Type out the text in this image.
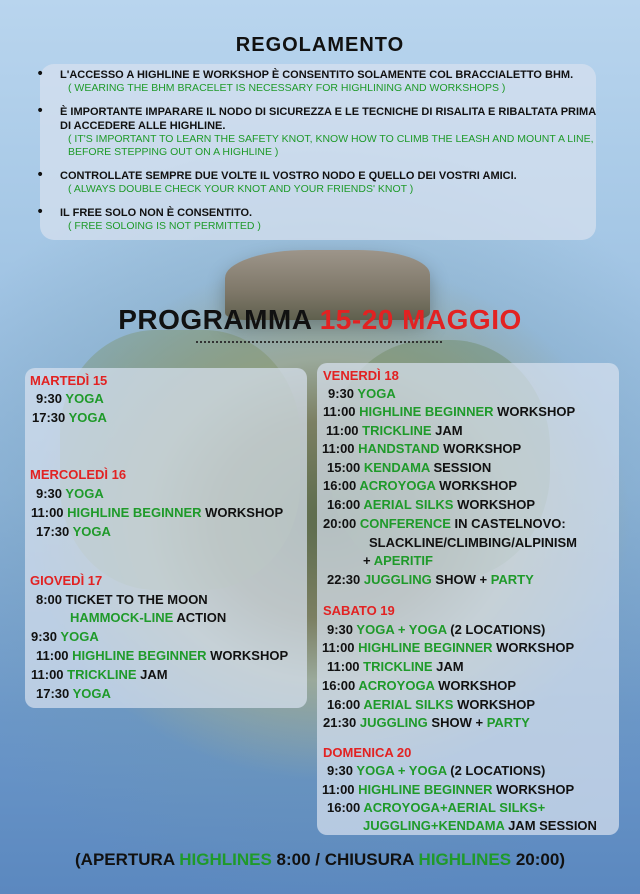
REGOLAMENTO
• L'ACCESSO A HIGHLINE E WORKSHOP È CONSENTITO SOLAMENTE COL BRACCIALETTO BHM.
( WEARING THE BHM BRACELET IS NECESSARY FOR HIGHLINING AND WORKSHOPS )
• È IMPORTANTE IMPARARE IL NODO DI SICUREZZA E LE TECNICHE DI RISALITA E RIBALTATA PRIMA DI ACCEDERE ALLE HIGHLINE.
( IT'S IMPORTANT TO LEARN THE SAFETY KNOT, KNOW HOW TO CLIMB THE LEASH AND MOUNT A LINE, BEFORE STEPPING OUT ON A HIGHLINE )
• CONTROLLATE SEMPRE DUE VOLTE IL VOSTRO NODO E QUELLO DEI VOSTRI AMICI.
( ALWAYS DOUBLE CHECK YOUR KNOT AND YOUR FRIENDS' KNOT )
• IL FREE SOLO NON È CONSENTITO.
( FREE SOLOING IS NOT PERMITTED )
PROGRAMMA 15-20 MAGGIO
MARTEDÌ 15
9:30 YOGA
17:30 YOGA
MERCOLEDÌ 16
9:30 YOGA
11:00 HIGHLINE BEGINNER WORKSHOP
17:30 YOGA
GIOVEDÌ 17
8:00 TICKET TO THE MOON
HAMMOCK-LINE ACTION
9:30 YOGA
11:00 HIGHLINE BEGINNER WORKSHOP
11:00 TRICKLINE JAM
17:30 YOGA
VENERDÌ 18
9:30 YOGA
11:00 HIGHLINE BEGINNER WORKSHOP
11:00 TRICKLINE JAM
11:00 HANDSTAND WORKSHOP
15:00 KENDAMA SESSION
16:00 ACROYOGA WORKSHOP
16:00 AERIAL SILKS WORKSHOP
20:00 CONFERENCE IN CASTELNOVO:
SLACKLINE/CLIMBING/ALPINISM
+ APERITIF
22:30 JUGGLING SHOW + PARTY
SABATO 19
9:30 YOGA + YOGA (2 LOCATIONS)
11:00 HIGHLINE BEGINNER WORKSHOP
11:00 TRICKLINE JAM
16:00 ACROYOGA WORKSHOP
16:00 AERIAL SILKS WORKSHOP
21:30 JUGGLING SHOW + PARTY
DOMENICA 20
9:30 YOGA + YOGA (2 LOCATIONS)
11:00 HIGHLINE BEGINNER WORKSHOP
16:00 ACROYOGA+AERIAL SILKS+
JUGGLING+KENDAMA JAM SESSION
(APERTURA HIGHLINES 8:00 / CHIUSURA HIGHLINES 20:00)
